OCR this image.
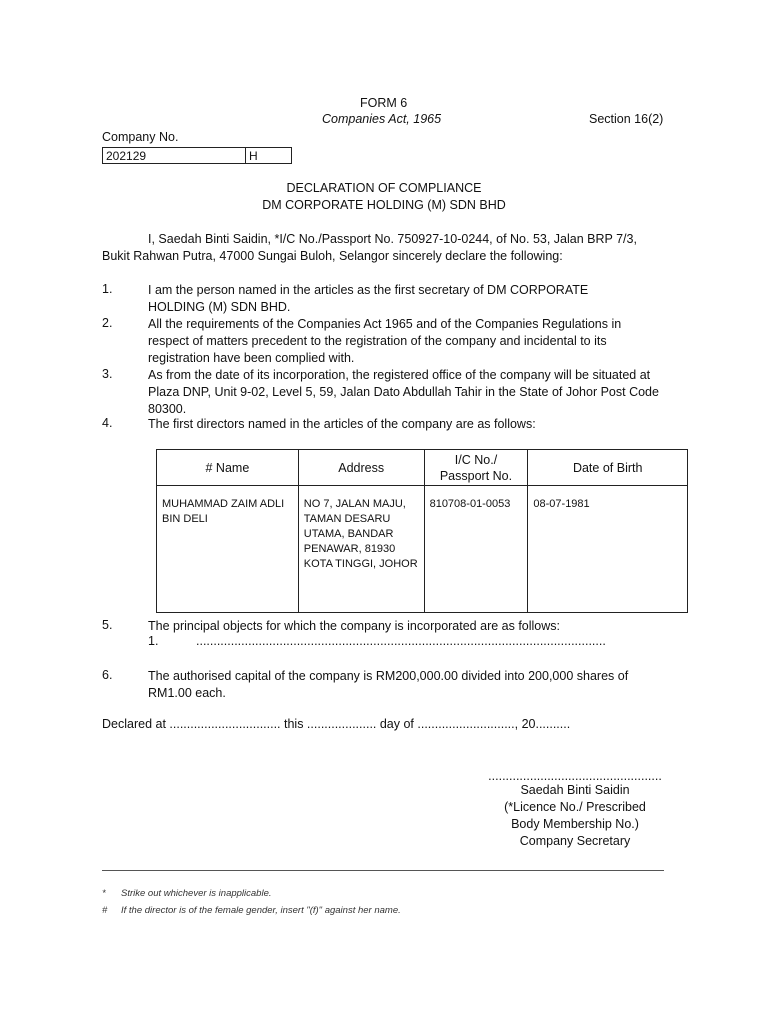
FORM 6
Companies Act, 1965	Section 16(2)
Company No.
202129	H
DECLARATION OF COMPLIANCE
DM CORPORATE HOLDING (M) SDN BHD
I, Saedah Binti Saidin, *I/C No./Passport No. 750927-10-0244, of No. 53, Jalan BRP 7/3,
Bukit Rahwan Putra, 47000 Sungai Buloh, Selangor sincerely declare the following:
1.	I am the person named in the articles as the first secretary of DM CORPORATE HOLDING (M) SDN BHD.
2.	All the requirements of the Companies Act 1965 and of the Companies Regulations in respect of matters precedent to the registration of the company and incidental to its registration have been complied with.
3.	As from the date of its incorporation, the registered office of the company will be situated at Plaza DNP, Unit 9-02, Level 5, 59, Jalan Dato Abdullah Tahir in the State of Johor Post Code 80300.
4.	The first directors named in the articles of the company are as follows:
# Name	Address	I/C No./
Passport No.	Date of Birth
MUHAMMAD ZAIM ADLI BIN DELI	NO 7, JALAN MAJU, TAMAN DESARU UTAMA, BANDAR PENAWAR, 81930 KOTA TINGGI, JOHOR	810708-01-0053	08-07-1981
5.	The principal objects for which the company is incorporated are as follows:
1.	......................................................................................................................
6.	The authorised capital of the company is RM200,000.00 divided into 200,000 shares of RM1.00 each.
Declared at ................................ this .................... day of ............................, 20..........
..................................................
Saedah Binti Saidin
(*Licence No./ Prescribed
Body Membership No.)
Company Secretary
* Strike out whichever is inapplicable.
# If the director is of the female gender, insert "(f)" against her name.
